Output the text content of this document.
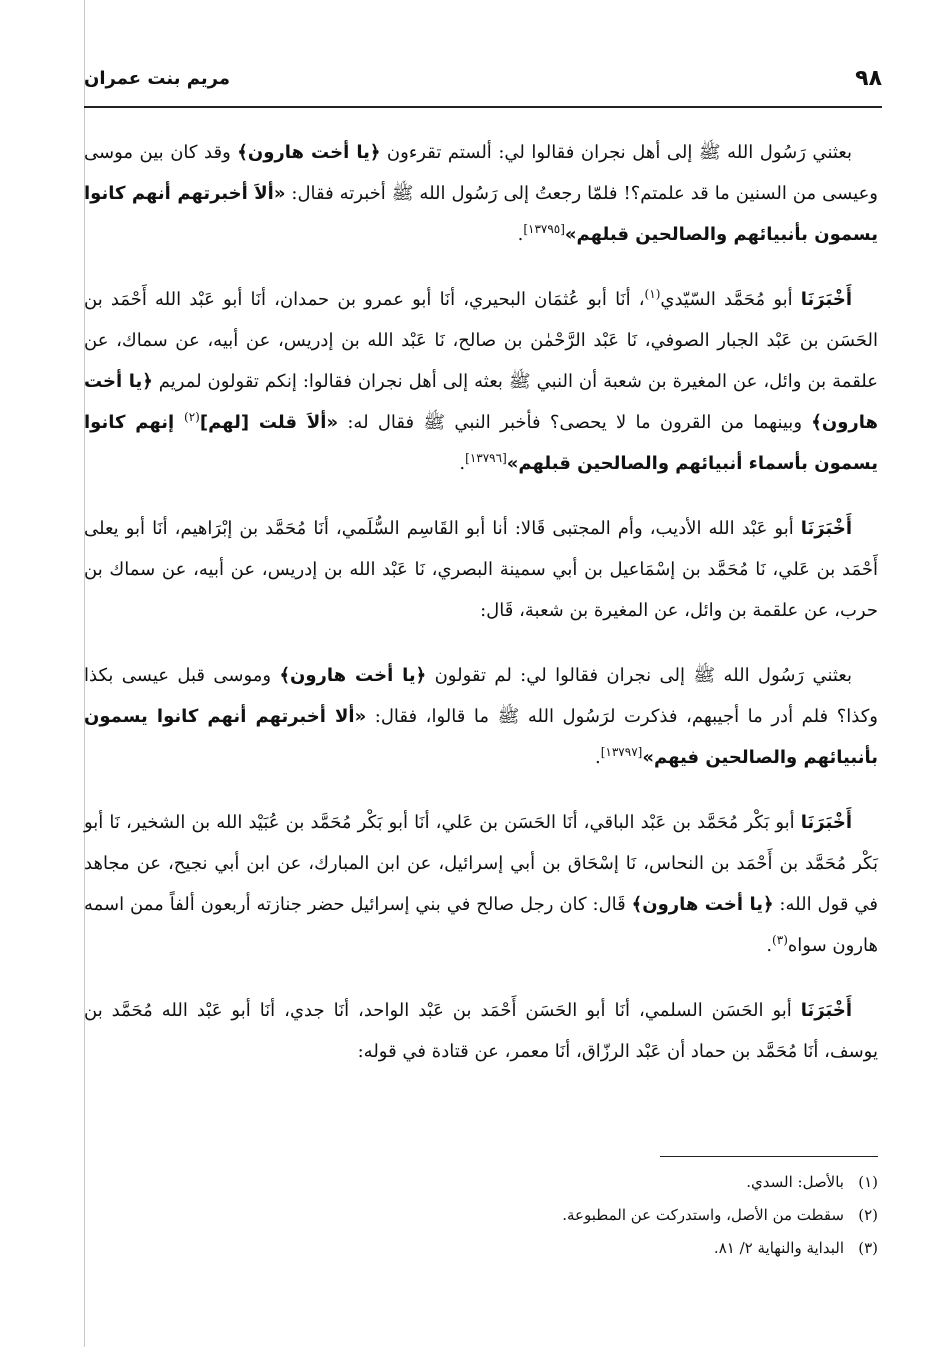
٩٨
مريم بنت عمران

بعثني رَسُول الله ﷺ إلى أهل نجران فقالوا لي: ألستم تقرءون ﴿يا أخت هارون﴾ وقد كان بين موسى وعيسى من السنين ما قد علمتم؟! فلمّا رجعتُ إلى رَسُول الله ﷺ أخبرته فقال: «ألاَ أخبرتهم أنهم كانوا يسمون بأنبيائهم والصالحين قبلهم»[١٣٧٩٥].

أَخْبَرَنَا أبو مُحَمَّد السّيّدي$^{(١)}$، أنَا أبو عُثمَان البحيري، أنَا أبو عمرو بن حمدان، أنَا أبو عَبْد الله أَحْمَد بن الحَسَن بن عَبْد الجبار الصوفي، نَا عَبْد الرَّحْمٰن بن صالح، نَا عَبْد الله بن إدريس، عن أبيه، عن سماك، عن علقمة بن وائل، عن المغيرة بن شعبة أن النبي ﷺ بعثه إلى أهل نجران فقالوا: إنكم تقولون لمريم ﴿يا أخت هارون﴾ وبينهما من القرون ما لا يحصى؟ فأخبر النبي ﷺ فقال له: «ألاَ قلت [لهم]$^{(٢)}$ إنهم كانوا يسمون بأسماء أنبيائهم والصالحين قبلهم»[١٣٧٩٦].

أَخْبَرَنَا أبو عَبْد الله الأديب، وأم المجتبى قَالا: أنا أبو القَاسِم السُّلَمي، أنَا مُحَمَّد بن إبْرَاهيم، أنَا أبو يعلى أَحْمَد بن عَلي، نَا مُحَمَّد بن إسْمَاعيل بن أبي سمينة البصري، نَا عَبْد الله بن إدريس، عن أبيه، عن سماك بن حرب، عن علقمة بن وائل، عن المغيرة بن شعبة، قَال:

بعثني رَسُول الله ﷺ إلى نجران فقالوا لي: لم تقولون ﴿يا أخت هارون﴾ وموسى قبل عيسى بكذا وكذا؟ فلم أدر ما أجيبهم، فذكرت لرَسُول الله ﷺ ما قالوا، فقال: «ألا أخبرتهم أنهم كانوا يسمون بأنبيائهم والصالحين فيهم»[١٣٧٩٧].

أَخْبَرَنَا أبو بَكْر مُحَمَّد بن عَبْد الباقي، أنَا الحَسَن بن عَلي، أنَا أبو بَكْر مُحَمَّد بن عُبَيْد الله بن الشخير، نَا أبو بَكْر مُحَمَّد بن أَحْمَد بن النحاس، نَا إسْحَاق بن أبي إسرائيل، عن ابن المبارك، عن ابن أبي نجيح، عن مجاهد في قول الله: ﴿يا أخت هارون﴾ قَال: كان رجل صالح في بني إسرائيل حضر جنازته أربعون ألفاً ممن اسمه هارون سواه$^{(٣)}$.

أَخْبَرَنَا أبو الحَسَن السلمي، أنَا أبو الحَسَن أَحْمَد بن عَبْد الواحد، أنَا جدي، أنَا أبو عَبْد الله مُحَمَّد بن يوسف، أنَا مُحَمَّد بن حماد أن عَبْد الرزّاق، أنَا معمر، عن قتادة في قوله:

(١)بالأصل: السدي.
(٢)سقطت من الأصل، واستدركت عن المطبوعة.
(٣)البداية والنهاية ٢/ ٨١.
